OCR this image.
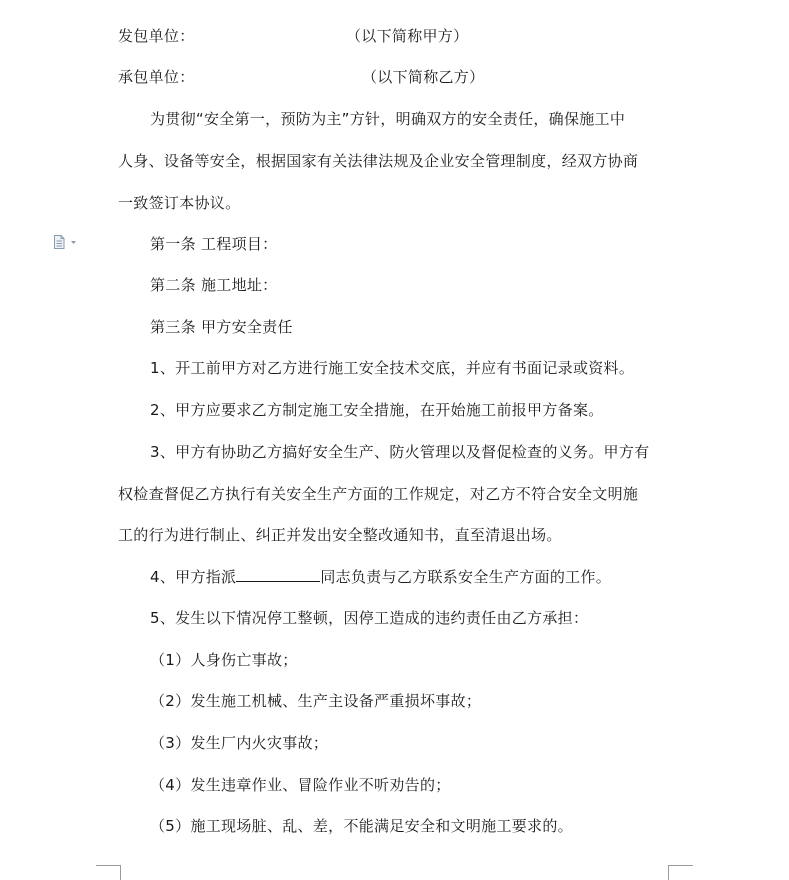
发包单位：	（以下简称甲方）
承包单位：	（以下简称乙方）
为贯彻“安全第一，预防为主”方针，明确双方的安全责任，确保施工中
人身、设备等安全，根据国家有关法律法规及企业安全管理制度，经双方协商
一致签订本协议。
第一条 工程项目：
第二条 施工地址：
第三条 甲方安全责任
1、开工前甲方对乙方进行施工安全技术交底，并应有书面记录或资料。
2、甲方应要求乙方制定施工安全措施，在开始施工前报甲方备案。
3、甲方有协助乙方搞好安全生产、防火管理以及督促检查的义务。甲方有
权检查督促乙方执行有关安全生产方面的工作规定，对乙方不符合安全文明施
工的行为进行制止、纠正并发出安全整改通知书，直至清退出场。
4、甲方指派	同志负责与乙方联系安全生产方面的工作。
5、发生以下情况停工整顿，因停工造成的违约责任由乙方承担：
（1）人身伤亡事故；
（2）发生施工机械、生产主设备严重损坏事故；
（3）发生厂内火灾事故；
（4）发生违章作业、冒险作业不听劝告的；
（5）施工现场脏、乱、差，不能满足安全和文明施工要求的。
